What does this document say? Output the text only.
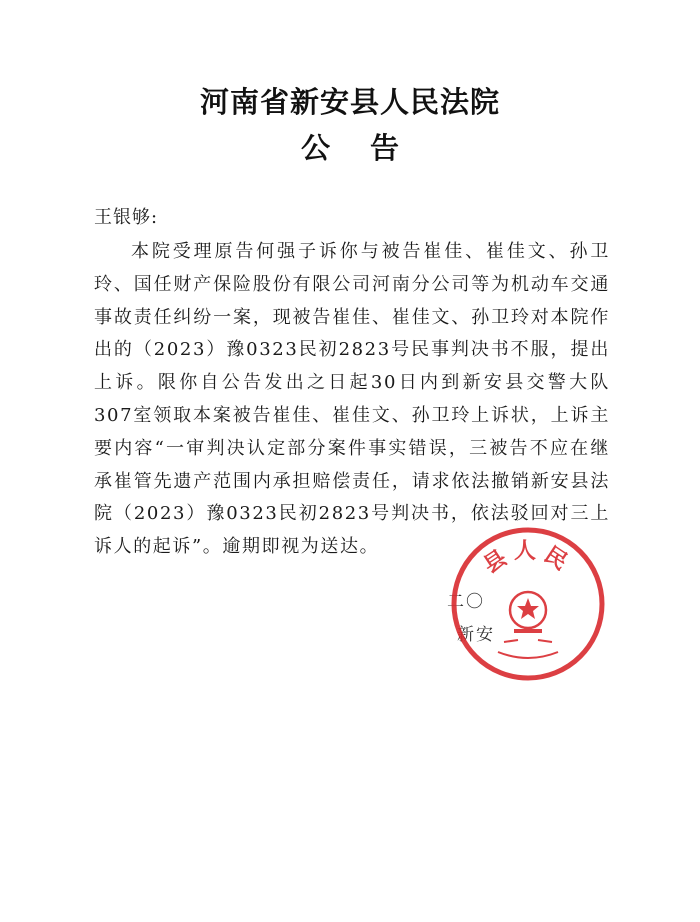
河南省新安县人民法院
公告
王银够:
本院受理原告何强子诉你与被告崔佳、崔佳文、孙卫玲、国任财产保险股份有限公司河南分公司等为机动车交通事故责任纠纷一案，现被告崔佳、崔佳文、孙卫玲对本院作出的（2023）豫0323民初2823号民事判决书不服，提出上诉。限你自公告发出之日起30日内到新安县交警大队307室领取本案被告崔佳、崔佳文、孙卫玲上诉状，上诉主要内容“一审判决认定部分案件事实错误，三被告不应在继承崔管先遗产范围内承担赔偿责任，请求依法撤销新安县法院（2023）豫0323民初2823号判决书，依法驳回对三上诉人的起诉”。逾期即视为送达。
二〇
新安
县人民
